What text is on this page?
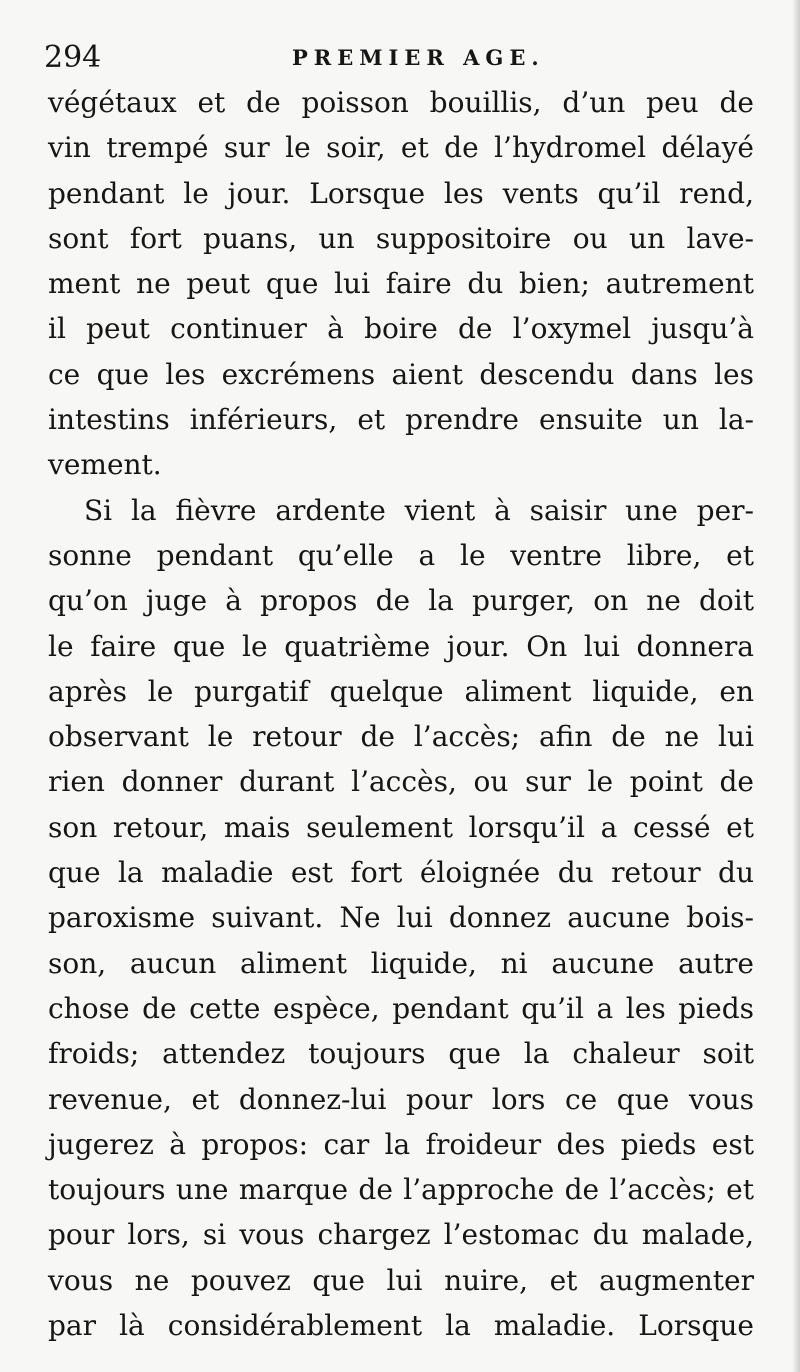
294	PREMIER AGE.
végétaux et de poisson bouillis, d’un peu de
vin trempé sur le soir, et de l’hydromel délayé
pendant le jour. Lorsque les vents qu’il rend,
sont fort puans, un suppositoire ou un lave-
ment ne peut que lui faire du bien; autrement
il peut continuer à boire de l’oxymel jusqu’à
ce que les excrémens aient descendu dans les
intestins inférieurs, et prendre ensuite un la-
vement.
Si la fièvre ardente vient à saisir une per-
sonne pendant qu’elle a le ventre libre, et
qu’on juge à propos de la purger, on ne doit
le faire que le quatrième jour. On lui donnera
après le purgatif quelque aliment liquide, en
observant le retour de l’accès; afin de ne lui
rien donner durant l’accès, ou sur le point de
son retour, mais seulement lorsqu’il a cessé et
que la maladie est fort éloignée du retour du
paroxisme suivant. Ne lui donnez aucune bois-
son, aucun aliment liquide, ni aucune autre
chose de cette espèce, pendant qu’il a les pieds
froids; attendez toujours que la chaleur soit
revenue, et donnez-lui pour lors ce que vous
jugerez à propos: car la froideur des pieds est
toujours une marque de l’approche de l’accès; et
pour lors, si vous chargez l’estomac du malade,
vous ne pouvez que lui nuire, et augmenter
par là considérablement la maladie. Lorsque
